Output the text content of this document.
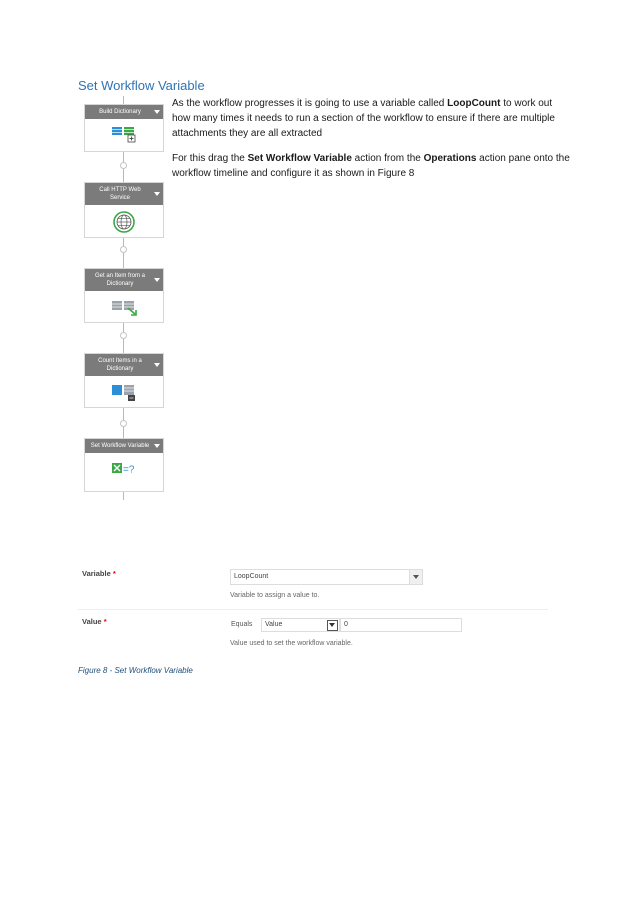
Set Workflow Variable
As the workflow progresses it is going to use a variable called LoopCount to work out how many times it needs to run a section of the workflow to ensure if there are multiple attachments they are all extracted
For this drag the Set Workflow Variable action from the Operations action pane onto the workflow timeline and configure it as shown in Figure 8
Build Dictionary
Call HTTP Web Service
Get an Item from a Dictionary
Count Items in a Dictionary
Set Workflow Variable
=?
Variable *	LoopCount
Variable to assign a value to.
Value *	Equals Value	0
Value used to set the workflow variable.
Figure 8 - Set Workflow Variable
